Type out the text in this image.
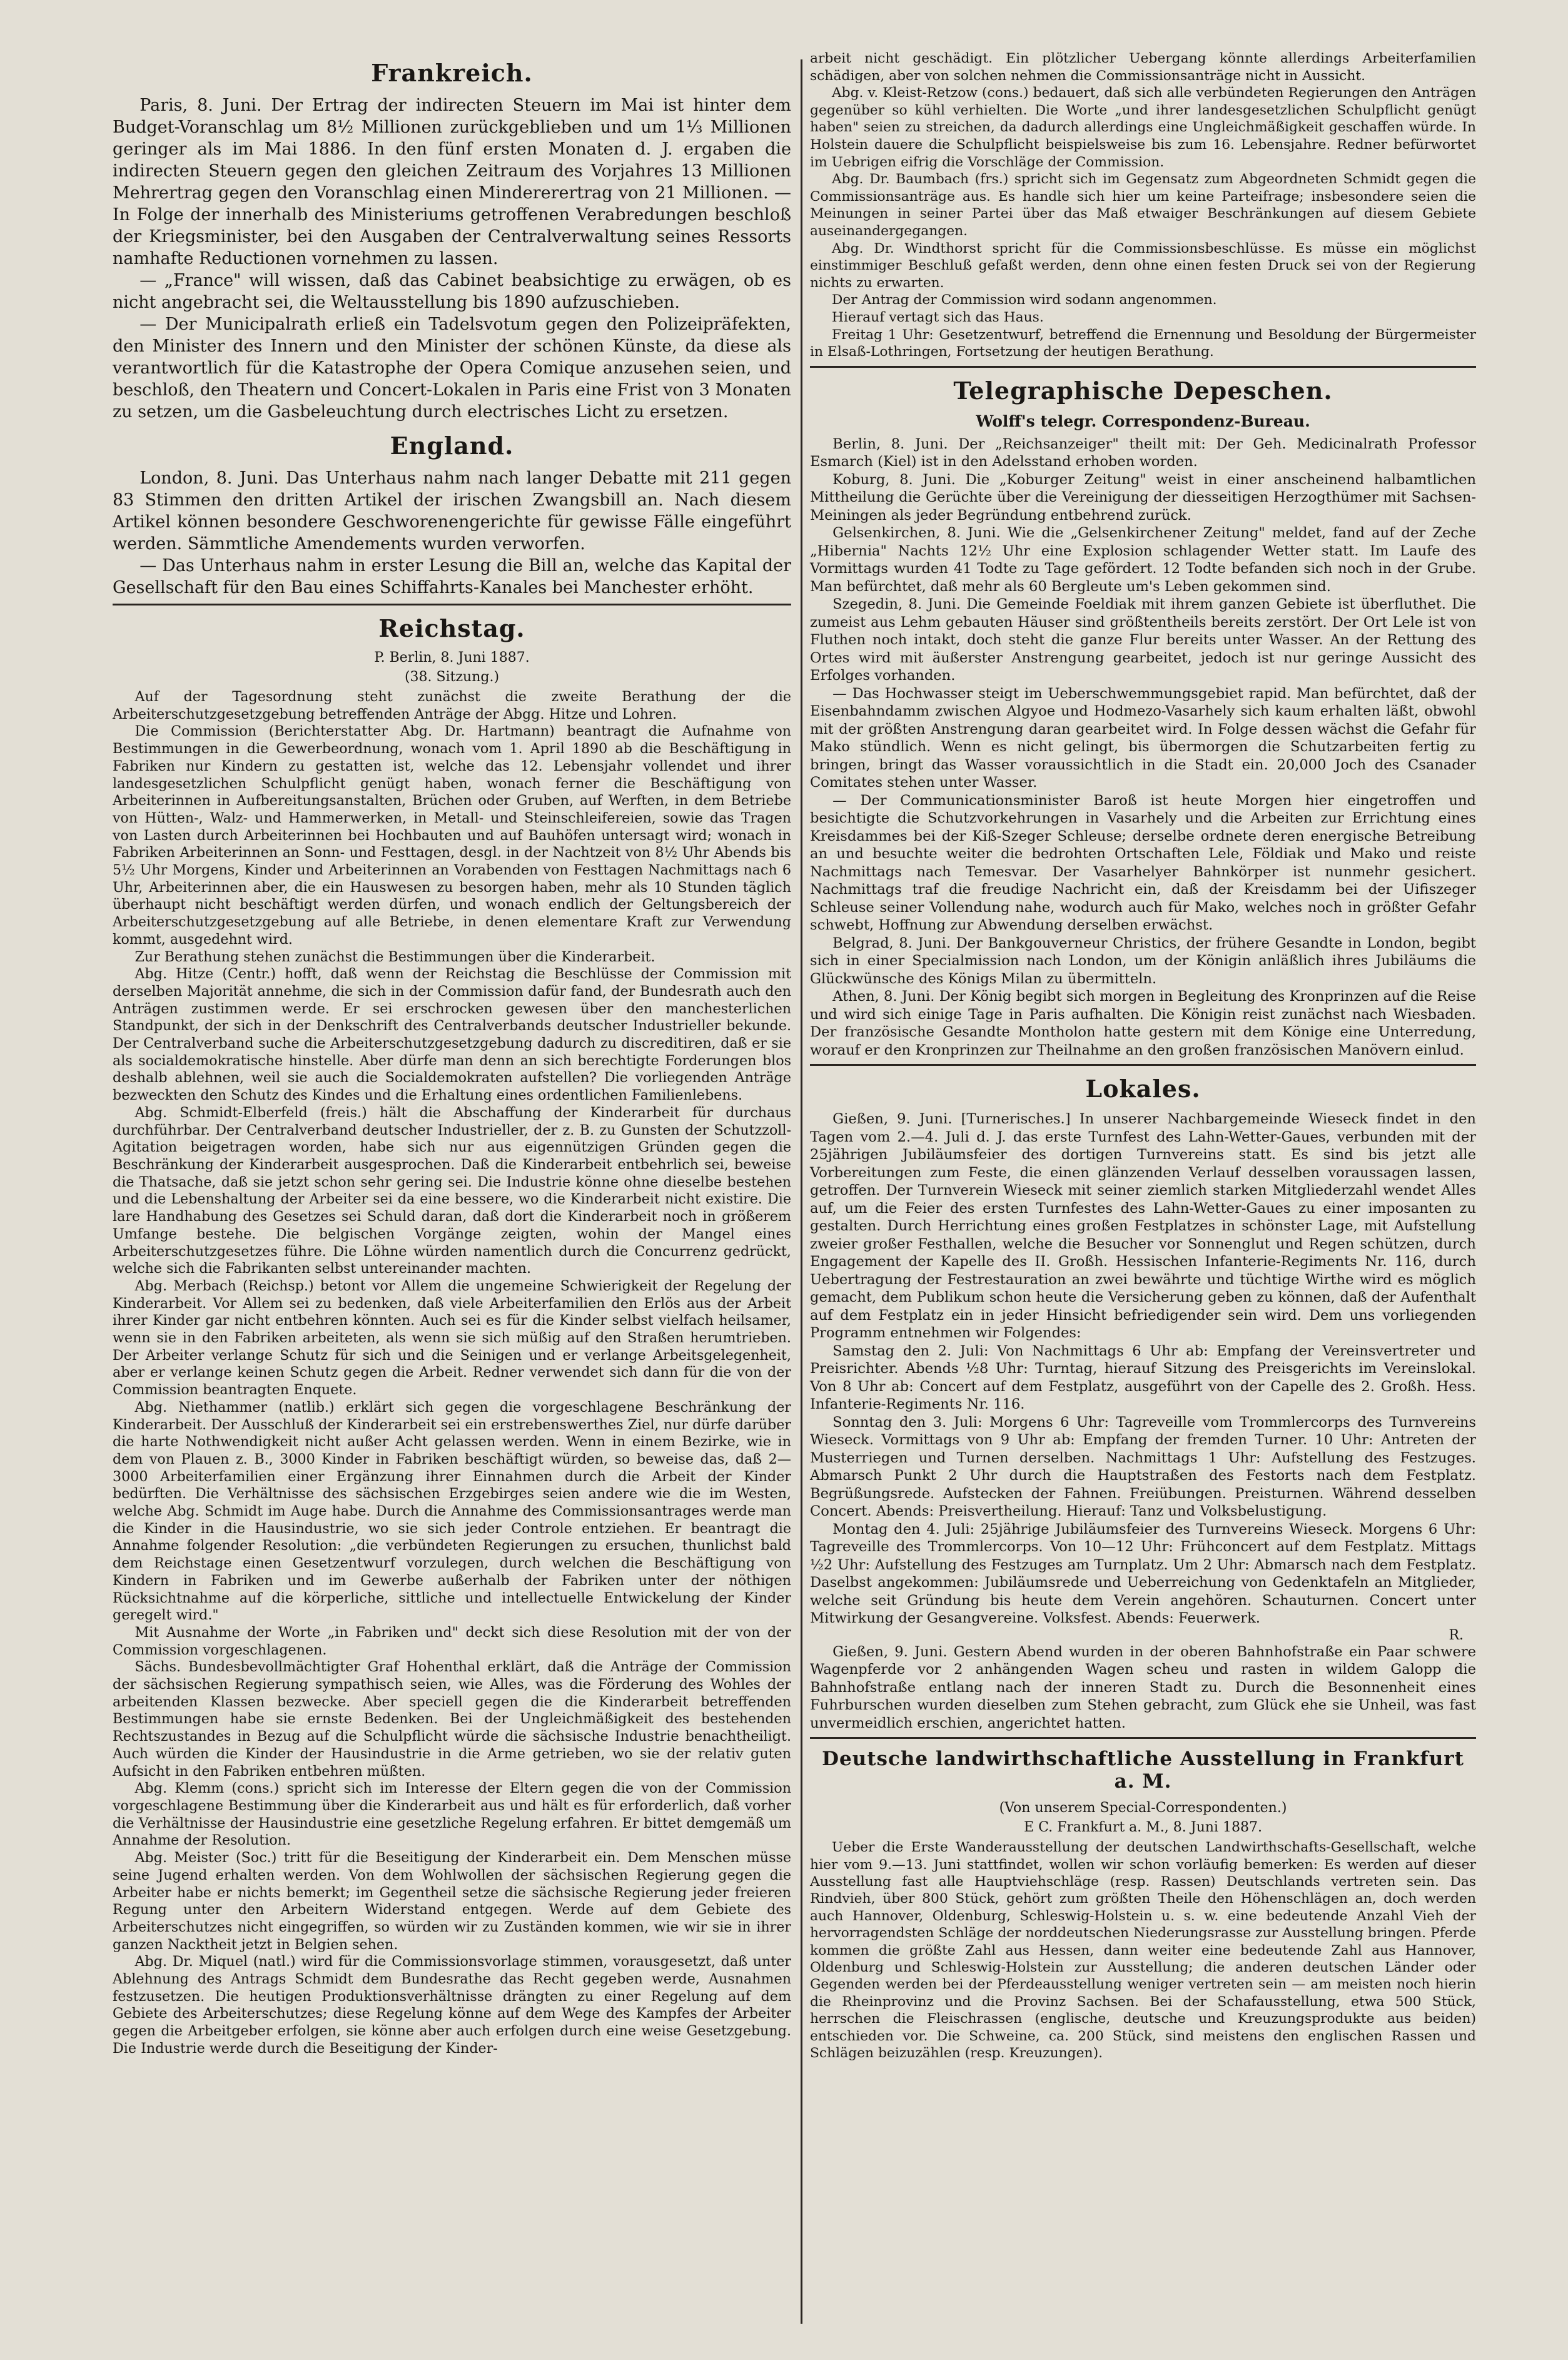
Frankreich.

Paris, 8. Juni. Der Ertrag der indirecten Steuern im Mai ist hinter dem Budget-Voranschlag um 8½ Millionen zurückgeblieben und um 1⅓ Millionen geringer als im Mai 1886. In den fünf ersten Monaten d. J. ergaben die indirecten Steuern gegen den gleichen Zeitraum des Vorjahres 13 Millionen Mehrertrag gegen den Voranschlag einen Mindererertrag von 21 Millionen. — In Folge der innerhalb des Ministeriums getroffenen Verabredungen beschloß der Kriegsminister, bei den Ausgaben der Centralverwaltung seines Ressorts namhafte Reductionen vornehmen zu lassen.

— „France" will wissen, daß das Cabinet beabsichtige zu erwägen, ob es nicht angebracht sei, die Weltausstellung bis 1890 aufzuschieben.

— Der Municipalrath erließ ein Tadelsvotum gegen den Polizeipräfekten, den Minister des Innern und den Minister der schönen Künste, da diese als verantwortlich für die Katastrophe der Opera Comique anzusehen seien, und beschloß, den Theatern und Concert-Lokalen in Paris eine Frist von 3 Monaten zu setzen, um die Gasbeleuchtung durch electrisches Licht zu ersetzen.

England.

London, 8. Juni. Das Unterhaus nahm nach langer Debatte mit 211 gegen 83 Stimmen den dritten Artikel der irischen Zwangsbill an. Nach diesem Artikel können besondere Geschworenengerichte für gewisse Fälle eingeführt werden. Sämmtliche Amendements wurden verworfen.

— Das Unterhaus nahm in erster Lesung die Bill an, welche das Kapital der Gesellschaft für den Bau eines Schiffahrts-Kanales bei Manchester erhöht.

Reichstag.
P. Berlin, 8. Juni 1887.
(38. Sitzung.)

Auf der Tagesordnung steht zunächst die zweite Berathung der die Arbeiterschutzgesetzgebung betreffenden Anträge der Abgg. Hitze und Lohren.

Die Commission (Berichterstatter Abg. Dr. Hartmann) beantragt die Aufnahme von Bestimmungen in die Gewerbeordnung, wonach vom 1. April 1890 ab die Beschäftigung in Fabriken nur Kindern zu gestatten ist, welche das 12. Lebensjahr vollendet und ihrer landesgesetzlichen Schulpflicht genügt haben, wonach ferner die Beschäftigung von Arbeiterinnen in Aufbereitungsanstalten, Brüchen oder Gruben, auf Werften, in dem Betriebe von Hütten-, Walz- und Hammerwerken, in Metall- und Steinschleifereien, sowie das Tragen von Lasten durch Arbeiterinnen bei Hochbauten und auf Bauhöfen untersagt wird; wonach in Fabriken Arbeiterinnen an Sonn- und Festtagen, desgl. in der Nachtzeit von 8½ Uhr Abends bis 5½ Uhr Morgens, Kinder und Arbeiterinnen an Vorabenden von Festtagen Nachmittags nach 6 Uhr, Arbeiterinnen aber, die ein Hauswesen zu besorgen haben, mehr als 10 Stunden täglich überhaupt nicht beschäftigt werden dürfen, und wonach endlich der Geltungsbereich der Arbeiterschutzgesetzgebung auf alle Betriebe, in denen elementare Kraft zur Verwendung kommt, ausgedehnt wird.

Zur Berathung stehen zunächst die Bestimmungen über die Kinderarbeit.

Abg. Hitze (Centr.) hofft, daß wenn der Reichstag die Beschlüsse der Commission mit derselben Majorität annehme, die sich in der Commission dafür fand, der Bundesrath auch den Anträgen zustimmen werde. Er sei erschrocken gewesen über den manchesterlichen Standpunkt, der sich in der Denkschrift des Centralverbands deutscher Industrieller bekunde. Der Centralverband suche die Arbeiterschutzgesetzgebung dadurch zu discreditiren, daß er sie als socialdemokratische hinstelle. Aber dürfe man denn an sich berechtigte Forderungen blos deshalb ablehnen, weil sie auch die Socialdemokraten aufstellen? Die vorliegenden Anträge bezweckten den Schutz des Kindes und die Erhaltung eines ordentlichen Familienlebens.

Abg. Schmidt-Elberfeld (freis.) hält die Abschaffung der Kinderarbeit für durchaus durchführbar. Der Centralverband deutscher Industrieller, der z. B. zu Gunsten der Schutzzoll-Agitation beigetragen worden, habe sich nur aus eigennützigen Gründen gegen die Beschränkung der Kinderarbeit ausgesprochen. Daß die Kinderarbeit entbehrlich sei, beweise die Thatsache, daß sie jetzt schon sehr gering sei. Die Industrie könne ohne dieselbe bestehen und die Lebenshaltung der Arbeiter sei da eine bessere, wo die Kinderarbeit nicht existire. Die lare Handhabung des Gesetzes sei Schuld daran, daß dort die Kinderarbeit noch in größerem Umfange bestehe. Die belgischen Vorgänge zeigten, wohin der Mangel eines Arbeiterschutzgesetzes führe. Die Löhne würden namentlich durch die Concurrenz gedrückt, welche sich die Fabrikanten selbst untereinander machten.

Abg. Merbach (Reichsp.) betont vor Allem die ungemeine Schwierigkeit der Regelung der Kinderarbeit. Vor Allem sei zu bedenken, daß viele Arbeiterfamilien den Erlös aus der Arbeit ihrer Kinder gar nicht entbehren könnten. Auch sei es für die Kinder selbst vielfach heilsamer, wenn sie in den Fabriken arbeiteten, als wenn sie sich müßig auf den Straßen herumtrieben. Der Arbeiter verlange Schutz für sich und die Seinigen und er verlange Arbeitsgelegenheit, aber er verlange keinen Schutz gegen die Arbeit. Redner verwendet sich dann für die von der Commission beantragten Enquete.

Abg. Niethammer (natlib.) erklärt sich gegen die vorgeschlagene Beschränkung der Kinderarbeit. Der Ausschluß der Kinderarbeit sei ein erstrebenswerthes Ziel, nur dürfe darüber die harte Nothwendigkeit nicht außer Acht gelassen werden. Wenn in einem Bezirke, wie in dem von Plauen z. B., 3000 Kinder in Fabriken beschäftigt würden, so beweise das, daß 2—3000 Arbeiterfamilien einer Ergänzung ihrer Einnahmen durch die Arbeit der Kinder bedürften. Die Verhältnisse des sächsischen Erzgebirges seien andere wie die im Westen, welche Abg. Schmidt im Auge habe. Durch die Annahme des Commissionsantrages werde man die Kinder in die Hausindustrie, wo sie sich jeder Controle entziehen. Er beantragt die Annahme folgender Resolution: „die verbündeten Regierungen zu ersuchen, thunlichst bald dem Reichstage einen Gesetzentwurf vorzulegen, durch welchen die Beschäftigung von Kindern in Fabriken und im Gewerbe außerhalb der Fabriken unter der nöthigen Rücksichtnahme auf die körperliche, sittliche und intellectuelle Entwickelung der Kinder geregelt wird."

Mit Ausnahme der Worte „in Fabriken und" deckt sich diese Resolution mit der von der Commission vorgeschlagenen.

Sächs. Bundesbevollmächtigter Graf Hohenthal erklärt, daß die Anträge der Commission der sächsischen Regierung sympathisch seien, wie Alles, was die Förderung des Wohles der arbeitenden Klassen bezwecke. Aber speciell gegen die die Kinderarbeit betreffenden Bestimmungen habe sie ernste Bedenken. Bei der Ungleichmäßigkeit des bestehenden Rechtszustandes in Bezug auf die Schulpflicht würde die sächsische Industrie benachtheiligt. Auch würden die Kinder der Hausindustrie in die Arme getrieben, wo sie der relativ guten Aufsicht in den Fabriken entbehren müßten.

Abg. Klemm (cons.) spricht sich im Interesse der Eltern gegen die von der Commission vorgeschlagene Bestimmung über die Kinderarbeit aus und hält es für erforderlich, daß vorher die Verhältnisse der Hausindustrie eine gesetzliche Regelung erfahren. Er bittet demgemäß um Annahme der Resolution.

Abg. Meister (Soc.) tritt für die Beseitigung der Kinderarbeit ein. Dem Menschen müsse seine Jugend erhalten werden. Von dem Wohlwollen der sächsischen Regierung gegen die Arbeiter habe er nichts bemerkt; im Gegentheil setze die sächsische Regierung jeder freieren Regung unter den Arbeitern Widerstand entgegen. Werde auf dem Gebiete des Arbeiterschutzes nicht eingegriffen, so würden wir zu Zuständen kommen, wie wir sie in ihrer ganzen Nacktheit jetzt in Belgien sehen.

Abg. Dr. Miquel (natl.) wird für die Commissionsvorlage stimmen, vorausgesetzt, daß unter Ablehnung des Antrags Schmidt dem Bundesrathe das Recht gegeben werde, Ausnahmen festzusetzen. Die heutigen Produktionsverhältnisse drängten zu einer Regelung auf dem Gebiete des Arbeiterschutzes; diese Regelung könne auf dem Wege des Kampfes der Arbeiter gegen die Arbeitgeber erfolgen, sie könne aber auch erfolgen durch eine weise Gesetzgebung. Die Industrie werde durch die Beseitigung der Kinder-

arbeit nicht geschädigt. Ein plötzlicher Uebergang könnte allerdings Arbeiterfamilien schädigen, aber von solchen nehmen die Commissionsanträge nicht in Aussicht.

Abg. v. Kleist-Retzow (cons.) bedauert, daß sich alle verbündeten Regierungen den Anträgen gegenüber so kühl verhielten. Die Worte „und ihrer landesgesetzlichen Schulpflicht genügt haben" seien zu streichen, da dadurch allerdings eine Ungleichmäßigkeit geschaffen würde. In Holstein dauere die Schulpflicht beispielsweise bis zum 16. Lebensjahre. Redner befürwortet im Uebrigen eifrig die Vorschläge der Commission.

Abg. Dr. Baumbach (frs.) spricht sich im Gegensatz zum Abgeordneten Schmidt gegen die Commissionsanträge aus. Es handle sich hier um keine Parteifrage; insbesondere seien die Meinungen in seiner Partei über das Maß etwaiger Beschränkungen auf diesem Gebiete auseinandergegangen.

Abg. Dr. Windthorst spricht für die Commissionsbeschlüsse. Es müsse ein möglichst einstimmiger Beschluß gefaßt werden, denn ohne einen festen Druck sei von der Regierung nichts zu erwarten.

Der Antrag der Commission wird sodann angenommen.

Hierauf vertagt sich das Haus.

Freitag 1 Uhr: Gesetzentwurf, betreffend die Ernennung und Besoldung der Bürgermeister in Elsaß-Lothringen, Fortsetzung der heutigen Berathung.

Telegraphische Depeschen.
Wolff's telegr. Correspondenz-Bureau.

Berlin, 8. Juni. Der „Reichsanzeiger" theilt mit: Der Geh. Medicinalrath Professor Esmarch (Kiel) ist in den Adelsstand erhoben worden.

Koburg, 8. Juni. Die „Koburger Zeitung" weist in einer anscheinend halbamtlichen Mittheilung die Gerüchte über die Vereinigung der diesseitigen Herzogthümer mit Sachsen-Meiningen als jeder Begründung entbehrend zurück.

Gelsenkirchen, 8. Juni. Wie die „Gelsenkirchener Zeitung" meldet, fand auf der Zeche „Hibernia" Nachts 12½ Uhr eine Explosion schlagender Wetter statt. Im Laufe des Vormittags wurden 41 Todte zu Tage gefördert. 12 Todte befanden sich noch in der Grube. Man befürchtet, daß mehr als 60 Bergleute um's Leben gekommen sind.

Szegedin, 8. Juni. Die Gemeinde Foeldiak mit ihrem ganzen Gebiete ist überfluthet. Die zumeist aus Lehm gebauten Häuser sind größtentheils bereits zerstört. Der Ort Lele ist von Fluthen noch intakt, doch steht die ganze Flur bereits unter Wasser. An der Rettung des Ortes wird mit äußerster Anstrengung gearbeitet, jedoch ist nur geringe Aussicht des Erfolges vorhanden.

— Das Hochwasser steigt im Ueberschwemmungsgebiet rapid. Man befürchtet, daß der Eisenbahndamm zwischen Algyoe und Hodmezo-Vasarhely sich kaum erhalten läßt, obwohl mit der größten Anstrengung daran gearbeitet wird. In Folge dessen wächst die Gefahr für Mako stündlich. Wenn es nicht gelingt, bis übermorgen die Schutzarbeiten fertig zu bringen, bringt das Wasser voraussichtlich in die Stadt ein. 20,000 Joch des Csanader Comitates stehen unter Wasser.

— Der Communicationsminister Baroß ist heute Morgen hier eingetroffen und besichtigte die Schutzvorkehrungen in Vasarhely und die Arbeiten zur Errichtung eines Kreisdammes bei der Kiß-Szeger Schleuse; derselbe ordnete deren energische Betreibung an und besuchte weiter die bedrohten Ortschaften Lele, Földiak und Mako und reiste Nachmittags nach Temesvar. Der Vasarhelyer Bahnkörper ist nunmehr gesichert. Nachmittags traf die freudige Nachricht ein, daß der Kreisdamm bei der Uifiszeger Schleuse seiner Vollendung nahe, wodurch auch für Mako, welches noch in größter Gefahr schwebt, Hoffnung zur Abwendung derselben erwächst.

Belgrad, 8. Juni. Der Bankgouverneur Christics, der frühere Gesandte in London, begibt sich in einer Specialmission nach London, um der Königin anläßlich ihres Jubiläums die Glückwünsche des Königs Milan zu übermitteln.

Athen, 8. Juni. Der König begibt sich morgen in Begleitung des Kronprinzen auf die Reise und wird sich einige Tage in Paris aufhalten. Die Königin reist zunächst nach Wiesbaden. Der französische Gesandte Montholon hatte gestern mit dem Könige eine Unterredung, worauf er den Kronprinzen zur Theilnahme an den großen französischen Manövern einlud.

Lokales.

Gießen, 9. Juni. [Turnerisches.] In unserer Nachbargemeinde Wieseck findet in den Tagen vom 2.—4. Juli d. J. das erste Turnfest des Lahn-Wetter-Gaues, verbunden mit der 25jährigen Jubiläumsfeier des dortigen Turnvereins statt. Es sind bis jetzt alle Vorbereitungen zum Feste, die einen glänzenden Verlauf desselben voraussagen lassen, getroffen. Der Turnverein Wieseck mit seiner ziemlich starken Mitgliederzahl wendet Alles auf, um die Feier des ersten Turnfestes des Lahn-Wetter-Gaues zu einer imposanten zu gestalten. Durch Herrichtung eines großen Festplatzes in schönster Lage, mit Aufstellung zweier großer Festhallen, welche die Besucher vor Sonnenglut und Regen schützen, durch Engagement der Kapelle des II. Großh. Hessischen Infanterie-Regiments Nr. 116, durch Uebertragung der Festrestauration an zwei bewährte und tüchtige Wirthe wird es möglich gemacht, dem Publikum schon heute die Versicherung geben zu können, daß der Aufenthalt auf dem Festplatz ein in jeder Hinsicht befriedigender sein wird. Dem uns vorliegenden Programm entnehmen wir Folgendes:

Samstag den 2. Juli: Von Nachmittags 6 Uhr ab: Empfang der Vereinsvertreter und Preisrichter. Abends ½8 Uhr: Turntag, hierauf Sitzung des Preisgerichts im Vereinslokal. Von 8 Uhr ab: Concert auf dem Festplatz, ausgeführt von der Capelle des 2. Großh. Hess. Infanterie-Regiments Nr. 116.

Sonntag den 3. Juli: Morgens 6 Uhr: Tagreveille vom Trommlercorps des Turnvereins Wieseck. Vormittags von 9 Uhr ab: Empfang der fremden Turner. 10 Uhr: Antreten der Musterriegen und Turnen derselben. Nachmittags 1 Uhr: Aufstellung des Festzuges. Abmarsch Punkt 2 Uhr durch die Hauptstraßen des Festorts nach dem Festplatz. Begrüßungsrede. Aufstecken der Fahnen. Freiübungen. Preisturnen. Während desselben Concert. Abends: Preisvertheilung. Hierauf: Tanz und Volksbelustigung.

Montag den 4. Juli: 25jährige Jubiläumsfeier des Turnvereins Wieseck. Morgens 6 Uhr: Tagreveille des Trommlercorps. Von 10—12 Uhr: Frühconcert auf dem Festplatz. Mittags ½2 Uhr: Aufstellung des Festzuges am Turnplatz. Um 2 Uhr: Abmarsch nach dem Festplatz. Daselbst angekommen: Jubiläumsrede und Ueberreichung von Gedenktafeln an Mitglieder, welche seit Gründung bis heute dem Verein angehören. Schauturnen. Concert unter Mitwirkung der Gesangvereine. Volksfest. Abends: Feuerwerk.

R.

Gießen, 9. Juni. Gestern Abend wurden in der oberen Bahnhofstraße ein Paar schwere Wagenpferde vor 2 anhängenden Wagen scheu und rasten in wildem Galopp die Bahnhofstraße entlang nach der inneren Stadt zu. Durch die Besonnenheit eines Fuhrburschen wurden dieselben zum Stehen gebracht, zum Glück ehe sie Unheil, was fast unvermeidlich erschien, angerichtet hatten.

Deutsche landwirthschaftliche Ausstellung in Frankfurt a. M.
(Von unserem Special-Correspondenten.)
E C. Frankfurt a. M., 8. Juni 1887.

Ueber die Erste Wanderausstellung der deutschen Landwirthschafts-Gesellschaft, welche hier vom 9.—13. Juni stattfindet, wollen wir schon vorläufig bemerken: Es werden auf dieser Ausstellung fast alle Hauptviehschläge (resp. Rassen) Deutschlands vertreten sein. Das Rindvieh, über 800 Stück, gehört zum größten Theile den Höhenschlägen an, doch werden auch Hannover, Oldenburg, Schleswig-Holstein u. s. w. eine bedeutende Anzahl Vieh der hervorragendsten Schläge der norddeutschen Niederungsrasse zur Ausstellung bringen. Pferde kommen die größte Zahl aus Hessen, dann weiter eine bedeutende Zahl aus Hannover, Oldenburg und Schleswig-Holstein zur Ausstellung; die anderen deutschen Länder oder Gegenden werden bei der Pferdeausstellung weniger vertreten sein — am meisten noch hierin die Rheinprovinz und die Provinz Sachsen. Bei der Schafausstellung, etwa 500 Stück, herrschen die Fleischrassen (englische, deutsche und Kreuzungsprodukte aus beiden) entschieden vor. Die Schweine, ca. 200 Stück, sind meistens den englischen Rassen und Schlägen beizuzählen (resp. Kreuzungen).
